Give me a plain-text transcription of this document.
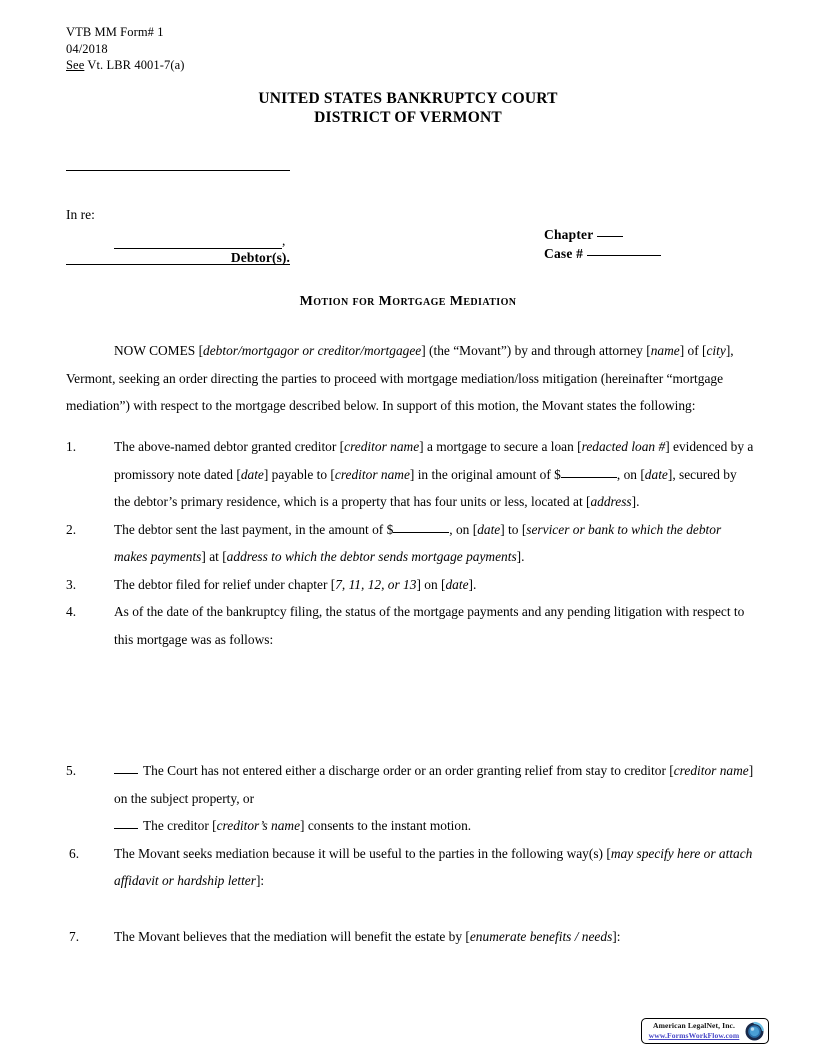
VTB MM Form# 1
04/2018
See Vt. LBR 4001-7(a)
UNITED STATES BANKRUPTCY COURT
DISTRICT OF VERMONT
In re:
,
Debtor(s).
Chapter
Case #
Motion for Mortgage Mediation

NOW COMES [debtor/mortgagor or creditor/mortgagee] (the “Movant”) by and through attorney [name] of [city], Vermont, seeking an order directing the parties to proceed with mortgage mediation/loss mitigation (hereinafter “mortgage mediation”) with respect to the mortgage described below. In support of this motion, the Movant states the following:

1.	The above-named debtor granted creditor [creditor name] a mortgage to secure a loan [redacted loan #] evidenced by a promissory note dated [date] payable to [creditor name] in the original amount of $	, on [date], secured by the debtor’s primary residence, which is a property that has four units or less, located at [address].
2.	The debtor sent the last payment, in the amount of $	, on [date] to [servicer or bank to which the debtor makes payments] at [address to which the debtor sends mortgage payments].
3.	The debtor filed for relief under chapter [7, 11, 12, or 13] on [date].
4.	As of the date of the bankruptcy filing, the status of the mortgage payments and any pending litigation with respect to this mortgage was as follows:
5.	The Court has not entered either a discharge order or an order granting relief from stay to creditor [creditor name] on the subject property, or
The creditor [creditor’s name] consents to the instant motion.
6.	The Movant seeks mediation because it will be useful to the parties in the following way(s) [may specify here or attach affidavit or hardship letter]:
7.	The Movant believes that the mediation will benefit the estate by [enumerate benefits / needs]:
American LegalNet, Inc.
www.FormsWorkFlow.com
